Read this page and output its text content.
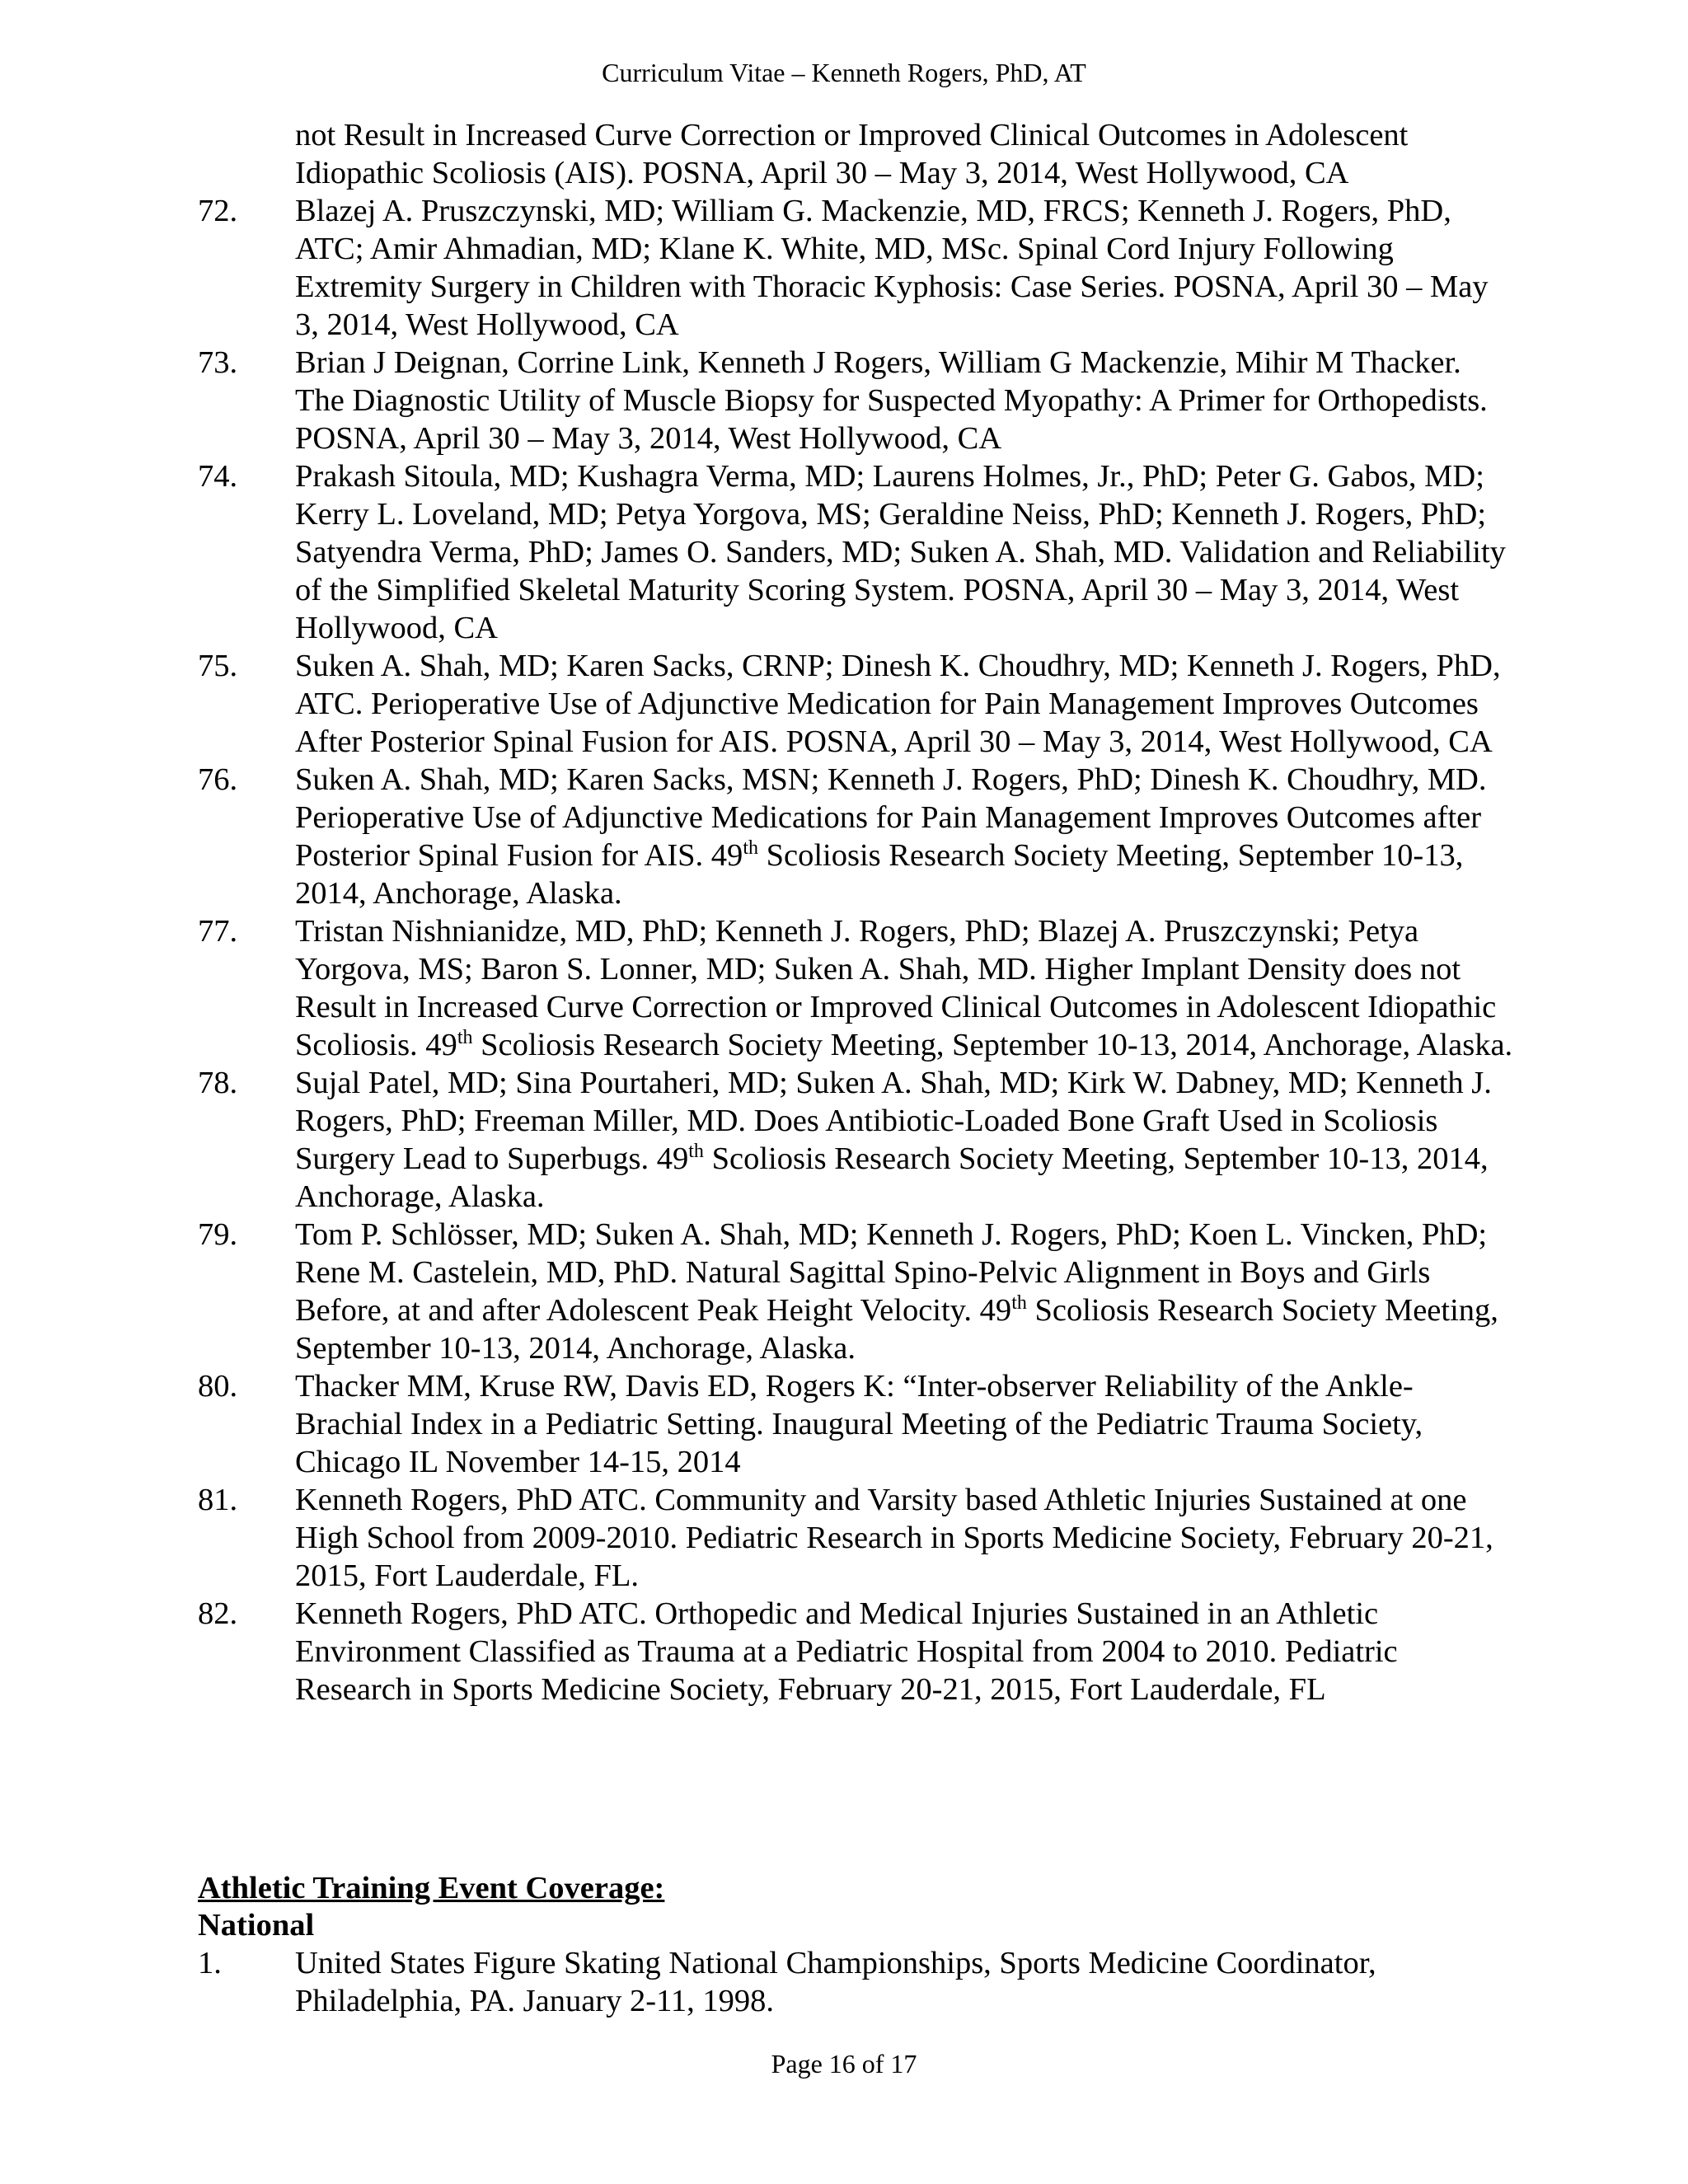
Curriculum Vitae – Kenneth Rogers, PhD, AT
not Result in Increased Curve Correction or Improved Clinical Outcomes in Adolescent Idiopathic Scoliosis (AIS). POSNA, April 30 – May 3, 2014, West Hollywood, CA
72. Blazej A. Pruszczynski, MD; William G. Mackenzie, MD, FRCS; Kenneth J. Rogers, PhD, ATC; Amir Ahmadian, MD; Klane K. White, MD, MSc. Spinal Cord Injury Following Extremity Surgery in Children with Thoracic Kyphosis: Case Series. POSNA, April 30 – May 3, 2014, West Hollywood, CA
73. Brian J Deignan, Corrine Link, Kenneth J Rogers, William G Mackenzie, Mihir M Thacker. The Diagnostic Utility of Muscle Biopsy for Suspected Myopathy: A Primer for Orthopedists. POSNA, April 30 – May 3, 2014, West Hollywood, CA
74. Prakash Sitoula, MD; Kushagra Verma, MD; Laurens Holmes, Jr., PhD; Peter G. Gabos, MD; Kerry L. Loveland, MD; Petya Yorgova, MS; Geraldine Neiss, PhD; Kenneth J. Rogers, PhD; Satyendra Verma, PhD; James O. Sanders, MD; Suken A. Shah, MD. Validation and Reliability of the Simplified Skeletal Maturity Scoring System. POSNA, April 30 – May 3, 2014, West Hollywood, CA
75. Suken A. Shah, MD; Karen Sacks, CRNP; Dinesh K. Choudhry, MD; Kenneth J. Rogers, PhD, ATC. Perioperative Use of Adjunctive Medication for Pain Management Improves Outcomes After Posterior Spinal Fusion for AIS. POSNA, April 30 – May 3, 2014, West Hollywood, CA
76. Suken A. Shah, MD; Karen Sacks, MSN; Kenneth J. Rogers, PhD; Dinesh K. Choudhry, MD. Perioperative Use of Adjunctive Medications for Pain Management Improves Outcomes after Posterior Spinal Fusion for AIS. 49th Scoliosis Research Society Meeting, September 10-13, 2014, Anchorage, Alaska.
77. Tristan Nishnianidze, MD, PhD; Kenneth J. Rogers, PhD; Blazej A. Pruszczynski; Petya Yorgova, MS; Baron S. Lonner, MD; Suken A. Shah, MD. Higher Implant Density does not Result in Increased Curve Correction or Improved Clinical Outcomes in Adolescent Idiopathic Scoliosis. 49th Scoliosis Research Society Meeting, September 10-13, 2014, Anchorage, Alaska.
78. Sujal Patel, MD; Sina Pourtaheri, MD; Suken A. Shah, MD; Kirk W. Dabney, MD; Kenneth J. Rogers, PhD; Freeman Miller, MD. Does Antibiotic-Loaded Bone Graft Used in Scoliosis Surgery Lead to Superbugs. 49th Scoliosis Research Society Meeting, September 10-13, 2014, Anchorage, Alaska.
79. Tom P. Schlösser, MD; Suken A. Shah, MD; Kenneth J. Rogers, PhD; Koen L. Vincken, PhD; Rene M. Castelein, MD, PhD. Natural Sagittal Spino-Pelvic Alignment in Boys and Girls Before, at and after Adolescent Peak Height Velocity. 49th Scoliosis Research Society Meeting, September 10-13, 2014, Anchorage, Alaska.
80. Thacker MM, Kruse RW, Davis ED, Rogers K: “Inter-observer Reliability of the Ankle-Brachial Index in a Pediatric Setting. Inaugural Meeting of the Pediatric Trauma Society, Chicago IL November 14-15, 2014
81. Kenneth Rogers, PhD ATC. Community and Varsity based Athletic Injuries Sustained at one High School from 2009-2010. Pediatric Research in Sports Medicine Society, February 20-21, 2015, Fort Lauderdale, FL.
82. Kenneth Rogers, PhD ATC. Orthopedic and Medical Injuries Sustained in an Athletic Environment Classified as Trauma at a Pediatric Hospital from 2004 to 2010. Pediatric Research in Sports Medicine Society, February 20-21, 2015, Fort Lauderdale, FL
Athletic Training Event Coverage:
National
1. United States Figure Skating National Championships, Sports Medicine Coordinator, Philadelphia, PA. January 2-11, 1998.
Page 16 of 17
